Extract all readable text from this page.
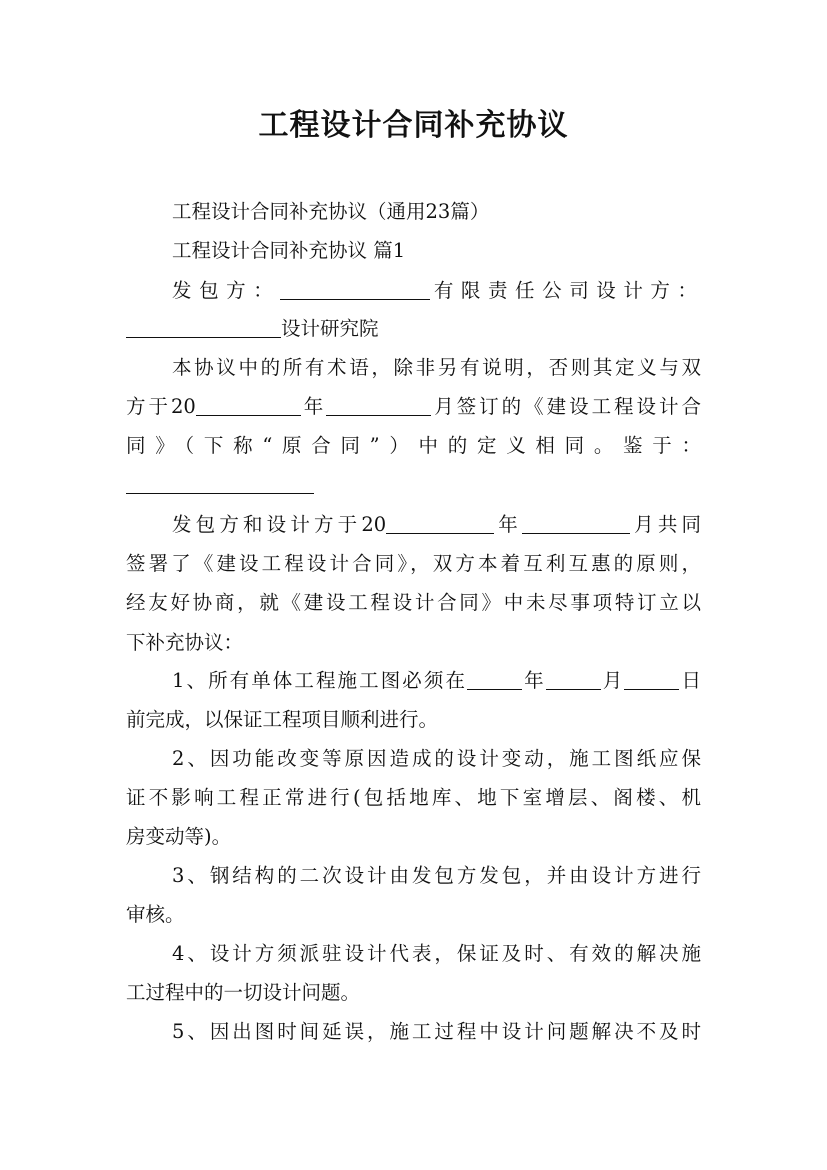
工程设计合同补充协议
工程设计合同补充协议（通用23篇）
工程设计合同补充协议 篇1
发包方：	有限责任公司设计方：
设计研究院
本协议中的所有术语，除非另有说明，否则其定义与双
方于20	年	月签订的《建设工程设计合
同》（下称“原合同”）中的定义相同。鉴于：
发包方和设计方于20	年	月共同
签署了《建设工程设计合同》，双方本着互利互惠的原则，
经友好协商，就《建设工程设计合同》中未尽事项特订立以
下补充协议：
1、所有单体工程施工图必须在	年	月	日
前完成，以保证工程项目顺利进行。
2、因功能改变等原因造成的设计变动，施工图纸应保
证不影响工程正常进行(包括地库、地下室增层、阁楼、机
房变动等)。
3、钢结构的二次设计由发包方发包，并由设计方进行
审核。
4、设计方须派驻设计代表，保证及时、有效的解决施
工过程中的一切设计问题。
5、因出图时间延误，施工过程中设计问题解决不及时
